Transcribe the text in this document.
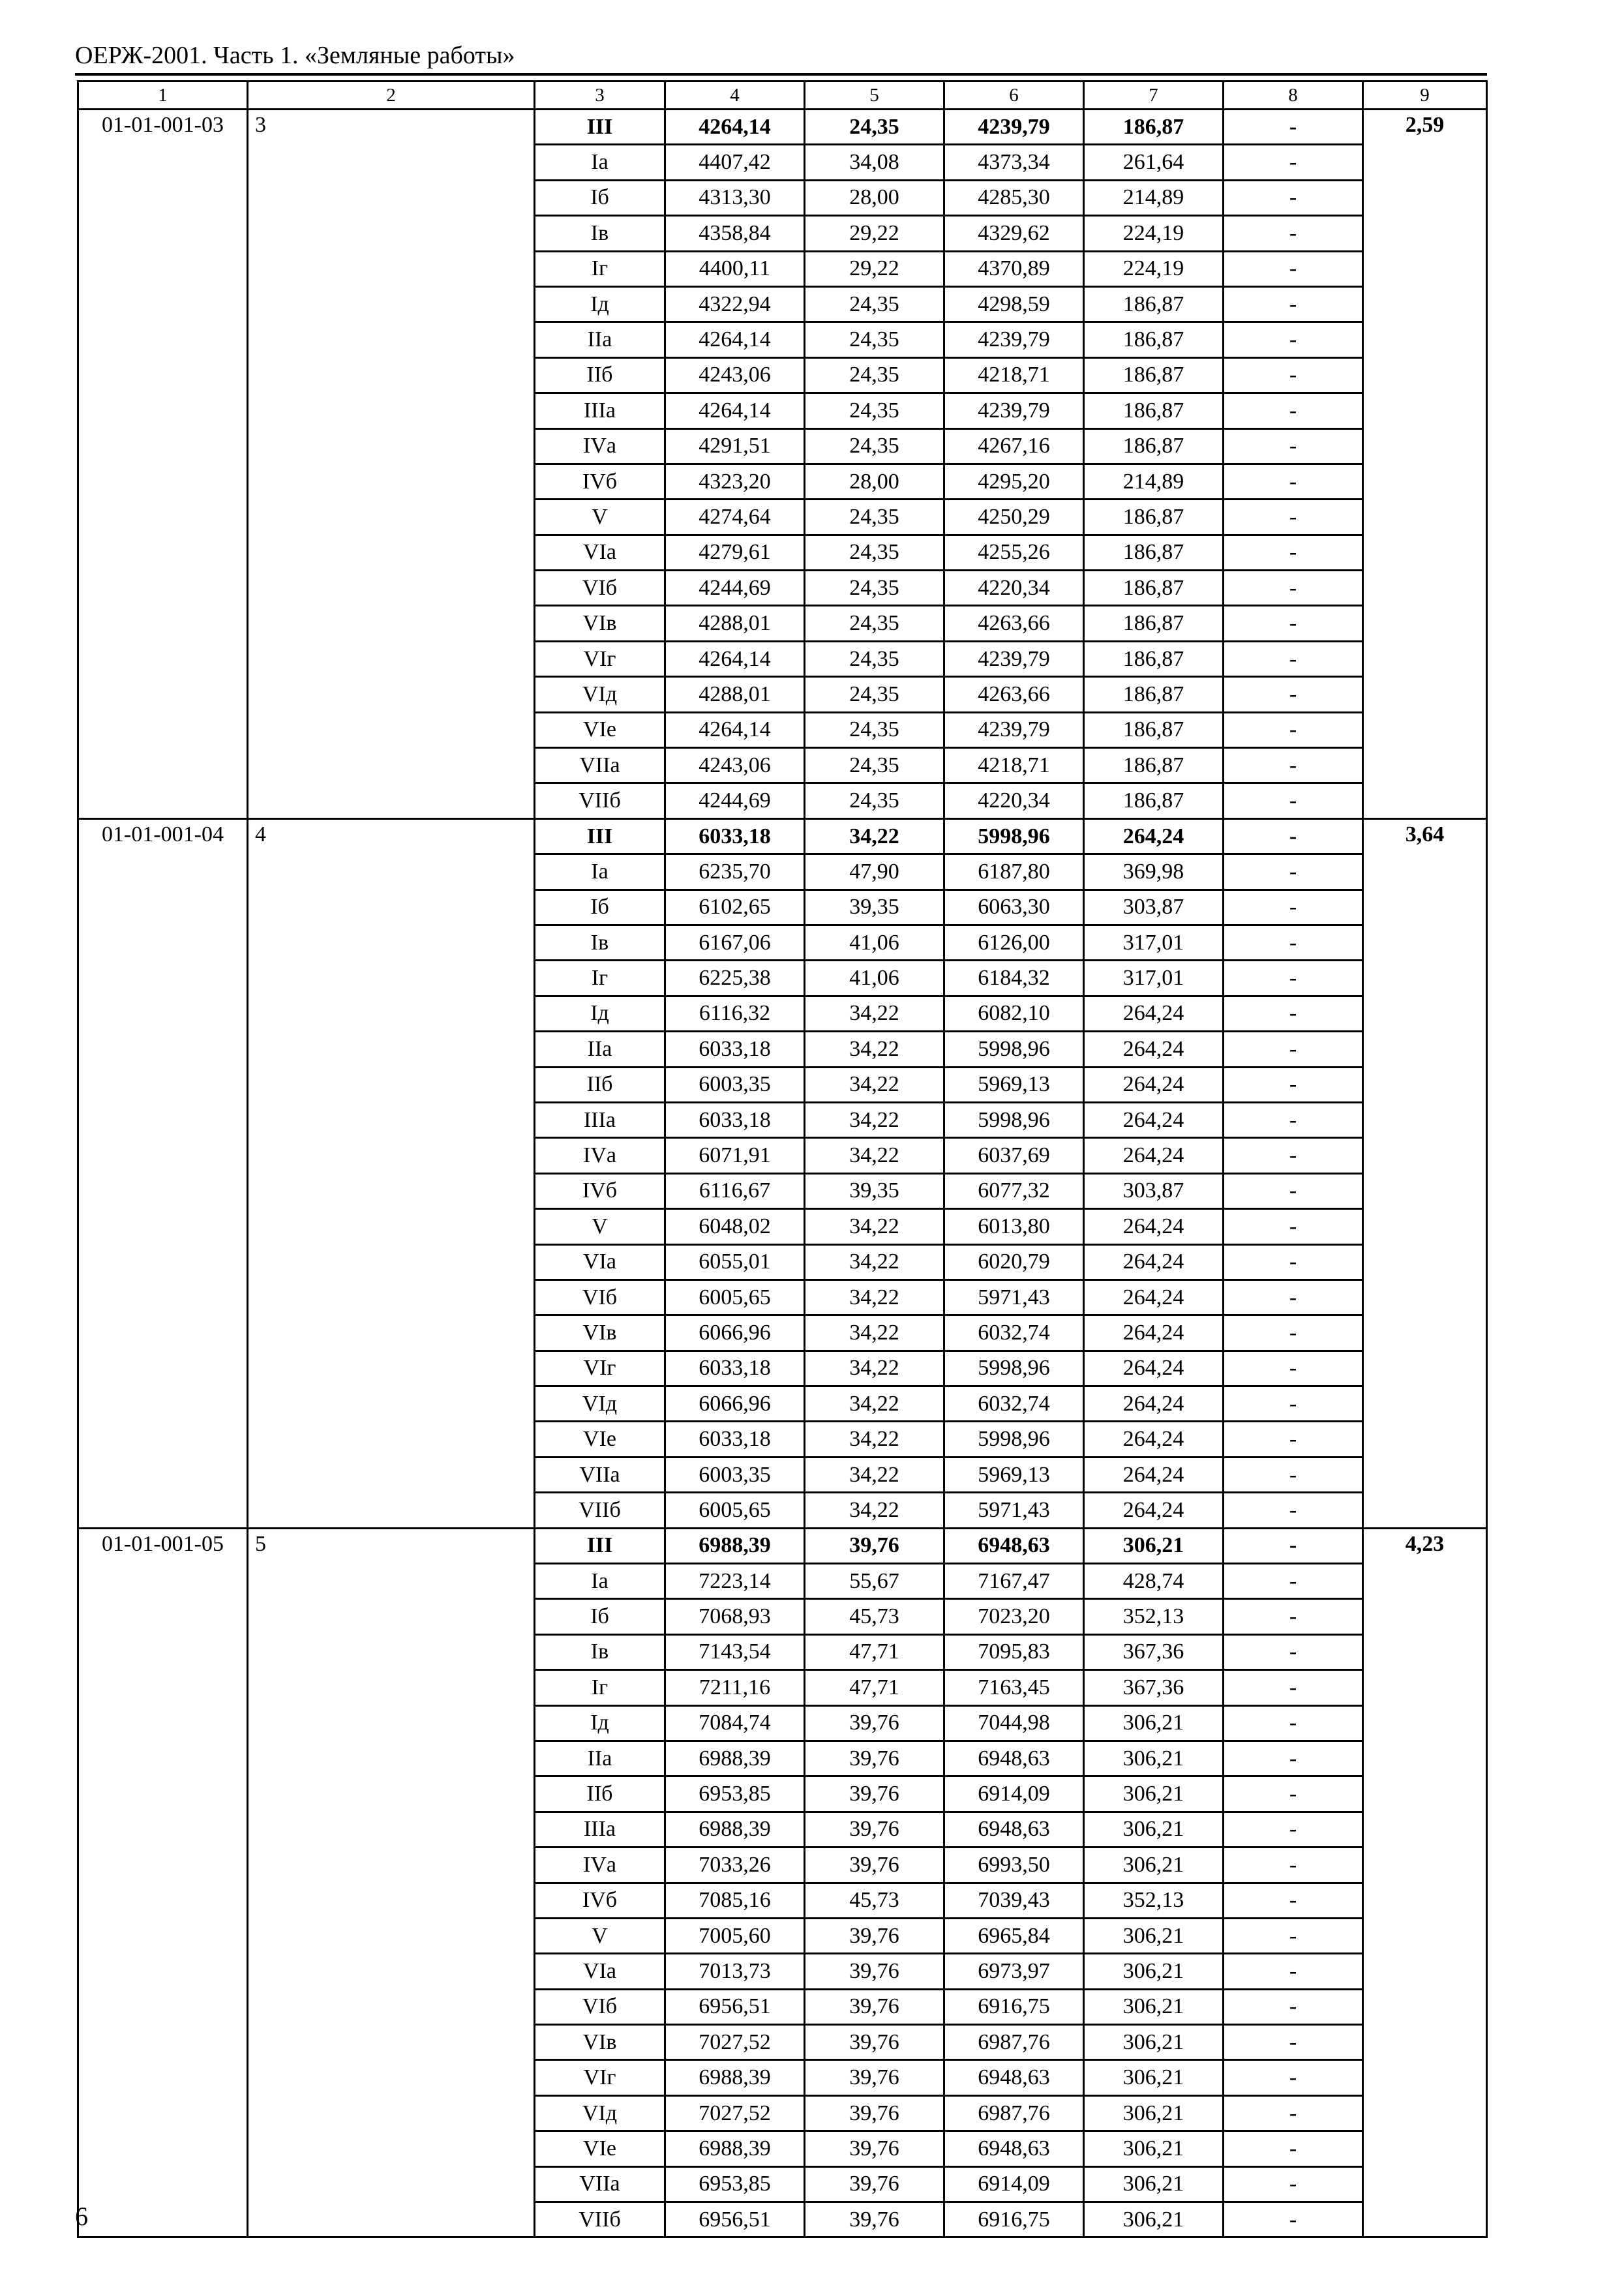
ОЕРЖ-2001. Часть 1. «Земляные работы»
1	2	3	4	5	6	7	8	9
01-01-001-03	3	III	4264,14	24,35	4239,79	186,87	-	2,59
		Iа	4407,42	34,08	4373,34	261,64	-	
		Iб	4313,30	28,00	4285,30	214,89	-	
		Iв	4358,84	29,22	4329,62	224,19	-	
		Iг	4400,11	29,22	4370,89	224,19	-	
		Iд	4322,94	24,35	4298,59	186,87	-	
		IIа	4264,14	24,35	4239,79	186,87	-	
		IIб	4243,06	24,35	4218,71	186,87	-	
		IIIа	4264,14	24,35	4239,79	186,87	-	
		IVа	4291,51	24,35	4267,16	186,87	-	
		IVб	4323,20	28,00	4295,20	214,89	-	
		V	4274,64	24,35	4250,29	186,87	-	
		VIа	4279,61	24,35	4255,26	186,87	-	
		VIб	4244,69	24,35	4220,34	186,87	-	
		VIв	4288,01	24,35	4263,66	186,87	-	
		VIг	4264,14	24,35	4239,79	186,87	-	
		VIд	4288,01	24,35	4263,66	186,87	-	
		VIе	4264,14	24,35	4239,79	186,87	-	
		VIIа	4243,06	24,35	4218,71	186,87	-	
		VIIб	4244,69	24,35	4220,34	186,87	-	
01-01-001-04	4	III	6033,18	34,22	5998,96	264,24	-	3,64
		Iа	6235,70	47,90	6187,80	369,98	-	
		Iб	6102,65	39,35	6063,30	303,87	-	
		Iв	6167,06	41,06	6126,00	317,01	-	
		Iг	6225,38	41,06	6184,32	317,01	-	
		Iд	6116,32	34,22	6082,10	264,24	-	
		IIа	6033,18	34,22	5998,96	264,24	-	
		IIб	6003,35	34,22	5969,13	264,24	-	
		IIIа	6033,18	34,22	5998,96	264,24	-	
		IVа	6071,91	34,22	6037,69	264,24	-	
		IVб	6116,67	39,35	6077,32	303,87	-	
		V	6048,02	34,22	6013,80	264,24	-	
		VIа	6055,01	34,22	6020,79	264,24	-	
		VIб	6005,65	34,22	5971,43	264,24	-	
		VIв	6066,96	34,22	6032,74	264,24	-	
		VIг	6033,18	34,22	5998,96	264,24	-	
		VIд	6066,96	34,22	6032,74	264,24	-	
		VIе	6033,18	34,22	5998,96	264,24	-	
		VIIа	6003,35	34,22	5969,13	264,24	-	
		VIIб	6005,65	34,22	5971,43	264,24	-	
01-01-001-05	5	III	6988,39	39,76	6948,63	306,21	-	4,23
		Iа	7223,14	55,67	7167,47	428,74	-	
		Iб	7068,93	45,73	7023,20	352,13	-	
		Iв	7143,54	47,71	7095,83	367,36	-	
		Iг	7211,16	47,71	7163,45	367,36	-	
		Iд	7084,74	39,76	7044,98	306,21	-	
		IIа	6988,39	39,76	6948,63	306,21	-	
		IIб	6953,85	39,76	6914,09	306,21	-	
		IIIа	6988,39	39,76	6948,63	306,21	-	
		IVа	7033,26	39,76	6993,50	306,21	-	
		IVб	7085,16	45,73	7039,43	352,13	-	
		V	7005,60	39,76	6965,84	306,21	-	
		VIа	7013,73	39,76	6973,97	306,21	-	
		VIб	6956,51	39,76	6916,75	306,21	-	
		VIв	7027,52	39,76	6987,76	306,21	-	
		VIг	6988,39	39,76	6948,63	306,21	-	
		VIд	7027,52	39,76	6987,76	306,21	-	
		VIе	6988,39	39,76	6948,63	306,21	-	
		VIIа	6953,85	39,76	6914,09	306,21	-	
		VIIб	6956,51	39,76	6916,75	306,21	-	
6
